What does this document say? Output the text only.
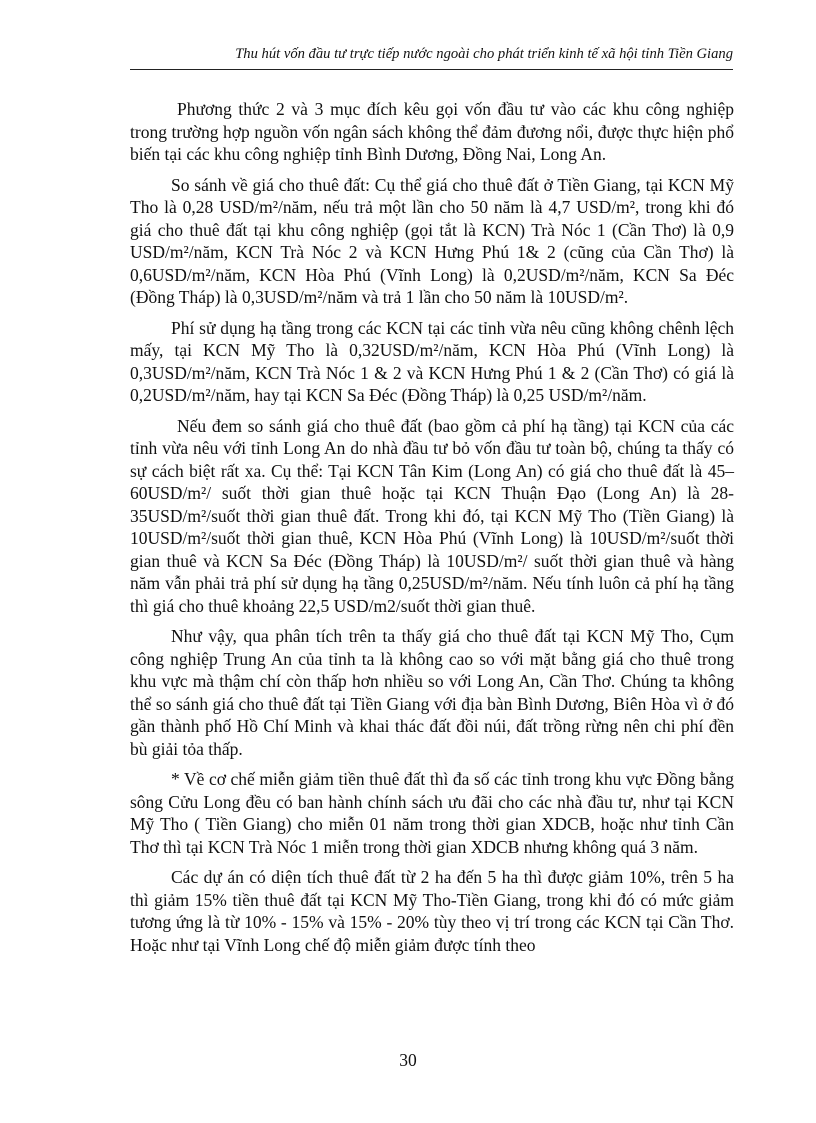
Thu hút vốn đầu tư trực tiếp nước ngoài cho phát triển kinh tế xã hội tỉnh Tiền Giang

Phương thức 2 và 3 mục đích kêu gọi vốn đầu tư vào các khu công nghiệp trong trường hợp nguồn vốn ngân sách không thể đảm đương nổi, được thực hiện phổ biến tại các khu công nghiệp tỉnh Bình Dương, Đồng Nai, Long An.

So sánh về giá cho thuê đất: Cụ thể giá cho thuê đất ở Tiền Giang, tại KCN Mỹ Tho là 0,28 USD/m²/năm, nếu trả một lần cho 50 năm là 4,7 USD/m², trong khi đó giá cho thuê đất tại khu công nghiệp (gọi tắt là KCN) Trà Nóc 1 (Cần Thơ) là 0,9 USD/m²/năm, KCN Trà Nóc 2 và KCN Hưng Phú 1& 2 (cũng của Cần Thơ) là 0,6USD/m²/năm, KCN Hòa Phú (Vĩnh Long) là 0,2USD/m²/năm, KCN Sa Đéc (Đồng Tháp) là 0,3USD/m²/năm và trả 1 lần cho 50 năm là 10USD/m².

Phí sử dụng hạ tầng trong các KCN tại các tỉnh vừa nêu cũng không chênh lệch mấy, tại KCN Mỹ Tho là 0,32USD/m²/năm, KCN Hòa Phú (Vĩnh Long) là 0,3USD/m²/năm, KCN Trà Nóc 1 & 2 và KCN Hưng Phú 1 & 2 (Cần Thơ) có giá là 0,2USD/m²/năm, hay tại KCN Sa Đéc (Đồng Tháp) là 0,25 USD/m²/năm.

Nếu đem so sánh giá cho thuê đất (bao gồm cả phí hạ tầng) tại KCN của các tỉnh vừa nêu với tỉnh Long An do nhà đầu tư bỏ vốn đầu tư toàn bộ, chúng ta thấy có sự cách biệt rất xa. Cụ thể: Tại KCN Tân Kim (Long An) có giá cho thuê đất là 45–60USD/m²/ suốt thời gian thuê hoặc tại KCN Thuận Đạo (Long An) là 28- 35USD/m²/suốt thời gian thuê đất. Trong khi đó, tại KCN Mỹ Tho (Tiền Giang) là 10USD/m²/suốt thời gian thuê, KCN Hòa Phú (Vĩnh Long) là 10USD/m²/suốt thời gian thuê và KCN Sa Đéc (Đồng Tháp) là 10USD/m²/ suốt thời gian thuê và hàng năm vẫn phải trả phí sử dụng hạ tầng 0,25USD/m²/năm. Nếu tính luôn cả phí hạ tầng thì giá cho thuê khoảng 22,5 USD/m2/suốt thời gian thuê.

Như vậy, qua phân tích trên ta thấy giá cho thuê đất tại KCN Mỹ Tho, Cụm công nghiệp Trung An của tỉnh ta là không cao so với mặt bằng giá cho thuê trong khu vực mà thậm chí còn thấp hơn nhiều so với Long An, Cần Thơ. Chúng ta không thể so sánh giá cho thuê đất tại Tiền Giang với địa bàn Bình Dương, Biên Hòa vì ở đó gần thành phố Hồ Chí Minh và khai thác đất đồi núi, đất trồng rừng nên chi phí đền bù giải tỏa thấp.

* Về cơ chế miễn giảm tiền thuê đất thì đa số các tỉnh trong khu vực Đồng bằng sông Cửu Long đều có ban hành chính sách ưu đãi cho các nhà đầu tư, như tại KCN Mỹ Tho ( Tiền Giang) cho miễn 01 năm trong thời gian XDCB, hoặc như tỉnh Cần Thơ thì tại KCN Trà Nóc 1 miễn trong thời gian XDCB nhưng không quá 3 năm.

Các dự án có diện tích thuê đất từ 2 ha đến 5 ha thì được giảm 10%, trên 5 ha thì giảm 15% tiền thuê đất tại KCN Mỹ Tho-Tiền Giang, trong khi đó có mức giảm tương ứng là từ 10% - 15% và 15% - 20% tùy theo vị trí trong các KCN tại Cần Thơ. Hoặc như tại Vĩnh Long chế độ miễn giảm được tính theo

30
